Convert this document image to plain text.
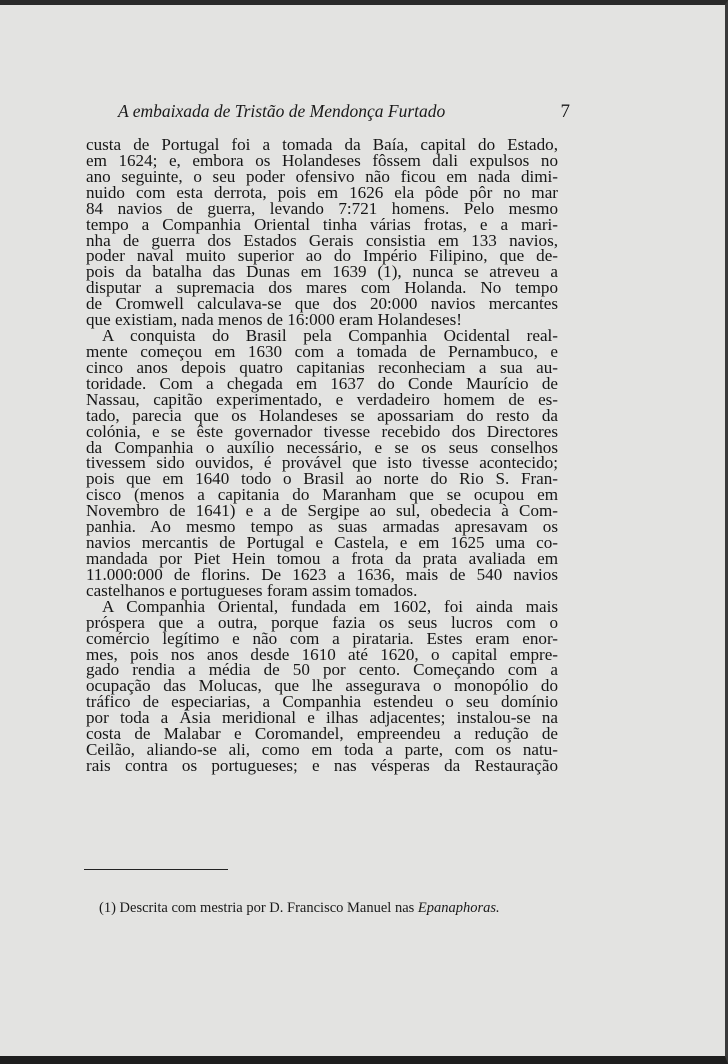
A embaixada de Tristão de Mendonça Furtado	7
custa de Portugal foi a tomada da Baía, capital do Estado,
em 1624; e, embora os Holandeses fôssem dali expulsos no
ano seguinte, o seu poder ofensivo não ficou em nada dimi-
nuido com esta derrota, pois em 1626 ela pôde pôr no mar
84 navios de guerra, levando 7:721 homens. Pelo mesmo
tempo a Companhia Oriental tinha várias frotas, e a mari-
nha de guerra dos Estados Gerais consistia em 133 navios,
poder naval muito superior ao do Império Filipino, que de-
pois da batalha das Dunas em 1639 (1), nunca se atreveu a
disputar a supremacia dos mares com Holanda. No tempo
de Cromwell calculava-se que dos 20:000 navios mercantes
que existiam, nada menos de 16:000 eram Holandeses!
A conquista do Brasil pela Companhia Ocidental real-
mente começou em 1630 com a tomada de Pernambuco, e
cinco anos depois quatro capitanias reconheciam a sua au-
toridade. Com a chegada em 1637 do Conde Maurício de
Nassau, capitão experimentado, e verdadeiro homem de es-
tado, parecia que os Holandeses se apossariam do resto da
colónia, e se êste governador tivesse recebido dos Directores
da Companhia o auxílio necessário, e se os seus conselhos
tivessem sido ouvidos, é provável que isto tivesse acontecido;
pois que em 1640 todo o Brasil ao norte do Rio S. Fran-
cisco (menos a capitania do Maranham que se ocupou em
Novembro de 1641) e a de Sergipe ao sul, obedecia à Com-
panhia. Ao mesmo tempo as suas armadas apresavam os
navios mercantis de Portugal e Castela, e em 1625 uma co-
mandada por Piet Hein tomou a frota da prata avaliada em
11.000:000 de florins. De 1623 a 1636, mais de 540 navios
castelhanos e portugueses foram assim tomados.
A Companhia Oriental, fundada em 1602, foi ainda mais
próspera que a outra, porque fazia os seus lucros com o
comércio legítimo e não com a pirataria. Estes eram enor-
mes, pois nos anos desde 1610 até 1620, o capital empre-
gado rendia a média de 50 por cento. Começando com a
ocupação das Molucas, que lhe assegurava o monopólio do
tráfico de especiarias, a Companhia estendeu o seu domínio
por toda a Ásia meridional e ilhas adjacentes; instalou-se na
costa de Malabar e Coromandel, empreendeu a redução de
Ceilão, aliando-se ali, como em toda a parte, com os natu-
rais contra os portugueses; e nas vésperas da Restauração
(1) Descrita com mestria por D. Francisco Manuel nas Epanaphoras.
